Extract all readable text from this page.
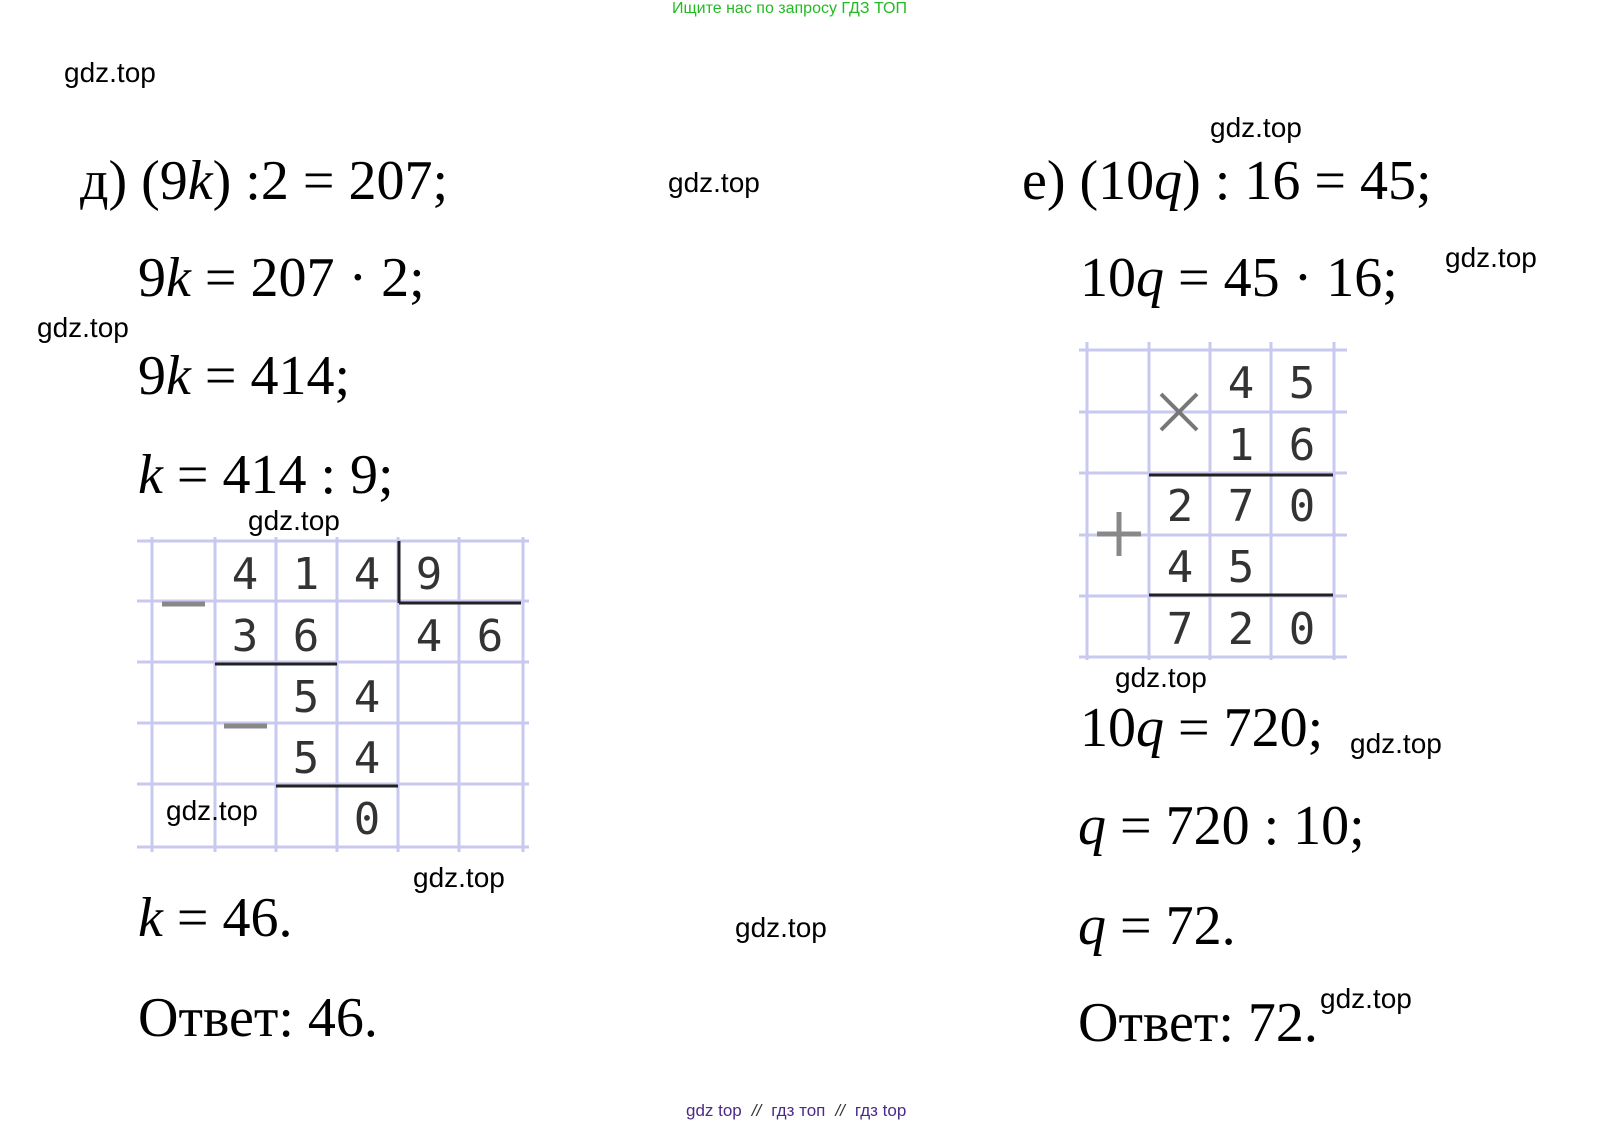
Ищите нас по запросу ГДЗ ТОП
gdz.top
gdz.top
gdz.top
gdz.top
gdz.top
gdz.top
gdz.top
gdz.top
gdz.top
gdz.top
gdz.top
д) (9k) :2 = 207;
9k = 207 · 2;
9k = 414;
k = 414 : 9;
4 1 4 9
3 6 4 6
5 4
5 4
0
gdz.top
k = 46.
Ответ: 46.
е) (10q) : 16 = 45;
10q = 45 · 16;
4 5
1 6
2 7 0
4 5
7 2 0
10q = 720;
q = 720 : 10;
q = 72.
Ответ: 72.
gdz top // гдз топ // гдз top
